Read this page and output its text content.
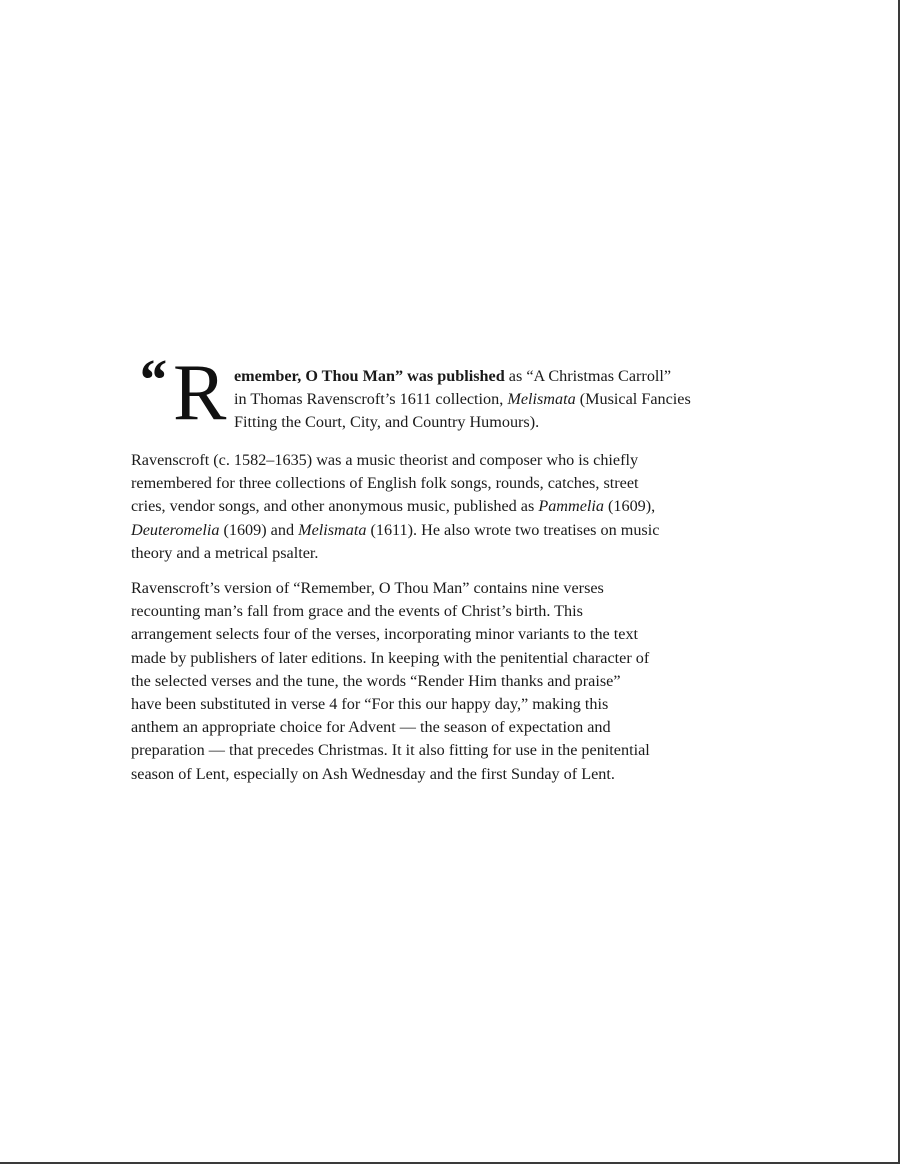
“ R emember, O Thou Man” was published as “A Christmas Carroll”
in Thomas Ravenscroft’s 1611 collection, Melismata (Musical Fancies
Fitting the Court, City, and Country Humours).

Ravenscroft (c. 1582–1635) was a music theorist and composer who is chiefly
remembered for three collections of English folk songs, rounds, catches, street
cries, vendor songs, and other anonymous music, published as Pammelia (1609),
Deuteromelia (1609) and Melismata (1611). He also wrote two treatises on music
theory and a metrical psalter.

Ravenscroft’s version of “Remember, O Thou Man” contains nine verses
recounting man’s fall from grace and the events of Christ’s birth. This
arrangement selects four of the verses, incorporating minor variants to the text
made by publishers of later editions. In keeping with the penitential character of
the selected verses and the tune, the words “Render Him thanks and praise”
have been substituted in verse 4 for “For this our happy day,” making this
anthem an appropriate choice for Advent — the season of expectation and
preparation — that precedes Christmas. It it also fitting for use in the penitential
season of Lent, especially on Ash Wednesday and the first Sunday of Lent.
